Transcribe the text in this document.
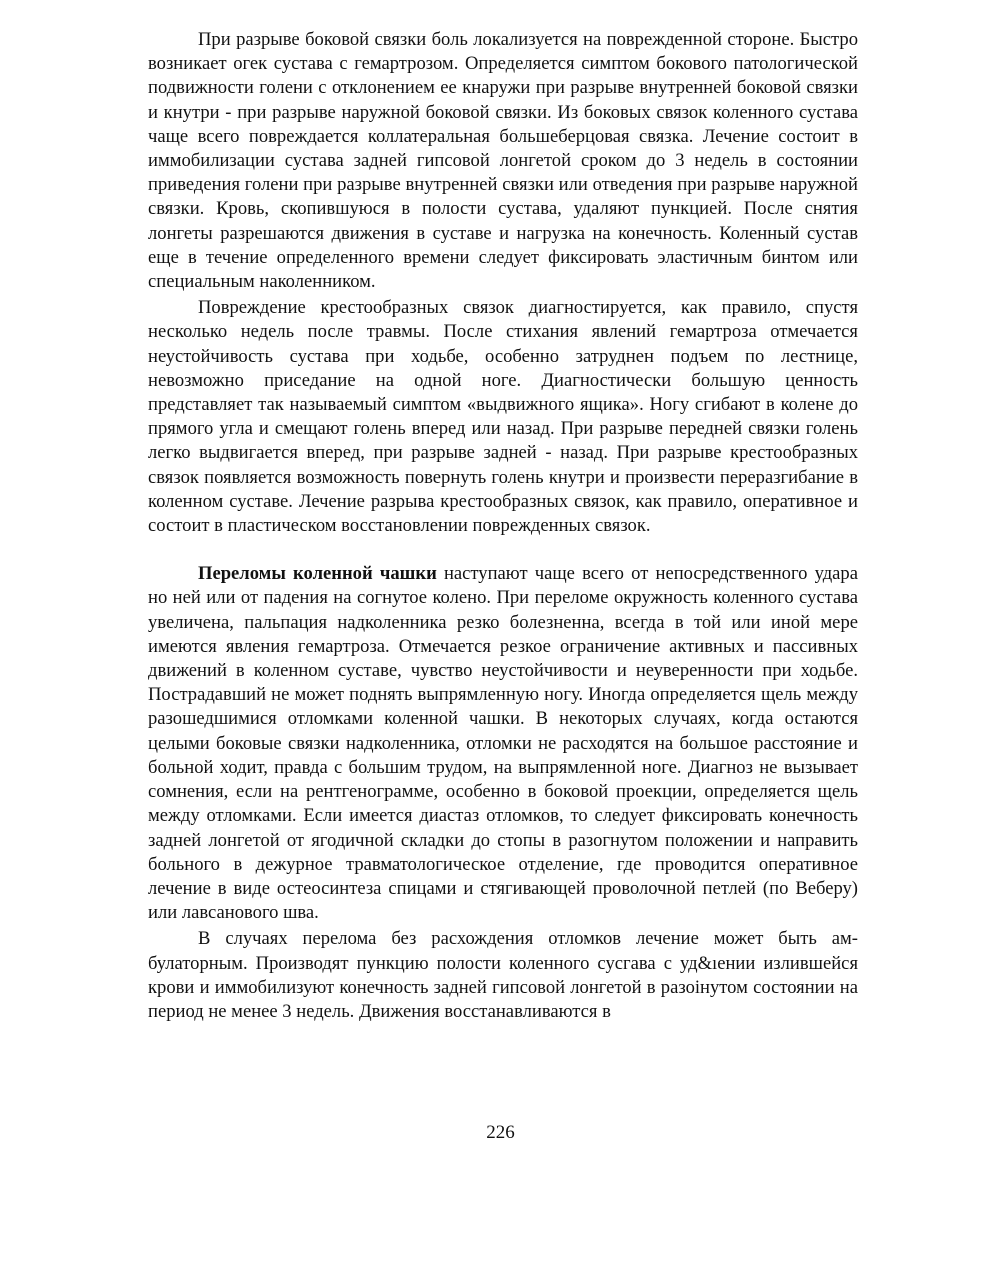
При разрыве боковой связки боль локализуется на поврежденной стороне. Быстро возникает огек сустава с гемартрозом. Определяется симптом бокового патологической подвижности голени с отклонением ее кнаружи при разрыве внутренней боковой связки и кнутри - при разрыве наружной боковой связки. Из боковых связок коленного сустава чаще всего повреждается коллатеральная большеберцовая связка. Лечение состоит в иммобилизации сустава задней гипсовой лонгетой сроком до 3 недель в состоянии приведения голени при разрыве внутренней связки или отведения при разрыве наружной связки. Кровь, скопившуюся в полости сустава, удаляют пункцией. После снятия лонгеты разрешаются движения в суставе и нагрузка на конечность. Коленный сустав еще в течение определенного времени следует фиксировать эластичным бинтом или специальным наколенником.

Повреждение крестообразных связок диагностируется, как правило, спустя несколько недель после травмы. После стихания явлений гемартроза отмечается неустойчивость сустава при ходьбе, особенно затруднен подъем по лестнице, невозможно приседание на одной ноге. Диагностически большую ценность представляет так называемый симптом «выдвижного ящика». Ногу сгибают в колене до прямого угла и смещают голень вперед или назад. При разрыве передней связки голень легко выдвигается вперед, при разрыве задней - назад. При разрыве крестообразных связок появляется возможность повернуть голень кнутри и произвести переразгибание в коленном суставе. Лечение разрыва крестообразных связок, как правило, оперативное и состоит в пластическом восстановлении поврежденных связок.

Переломы коленной чашки наступают чаще всего от непосредственного удара но ней или от падения на согнутое колено. При переломе окружность коленного сустава увеличена, пальпация надколенника резко болезненна, всегда в той или иной мере имеются явления гемартроза. Отмечается резкое ограничение активных и пассивных движений в коленном суставе, чувство неустойчивости и неуверенности при ходьбе. Пострадавший не может поднять выпрямленную ногу. Иногда определяется щель между разошедшимися отломками коленной чашки. В некоторых случаях, когда остаются целыми боковые связки надколенника, отломки не расходятся на большое расстояние и больной ходит, правда с большим трудом, на выпрямленной ноге. Диагноз не вызывает сомнения, если на рентгенограмме, особенно в боковой проекции, определяется щель между отломками. Если имеется диастаз отломков, то следует фиксировать конечность задней лонгетой от ягодичной складки до стопы в разогнутом положении и направить больного в дежурное травматологическое отделение, где проводится оперативное лечение в виде остеосинтеза спицами и стягивающей проволочной петлей (по Веберу) или лавсанового шва.

В случаях перелома без расхождения отломков лечение может быть амбулаторным. Производят пункцию полости коленного сусгава с уд&ıении излившейся крови и иммобилизуют конечность задней гипсовой лонгетой в разоiнутом состоянии на период не менее 3 недель. Движения восстанавливаются в

226
